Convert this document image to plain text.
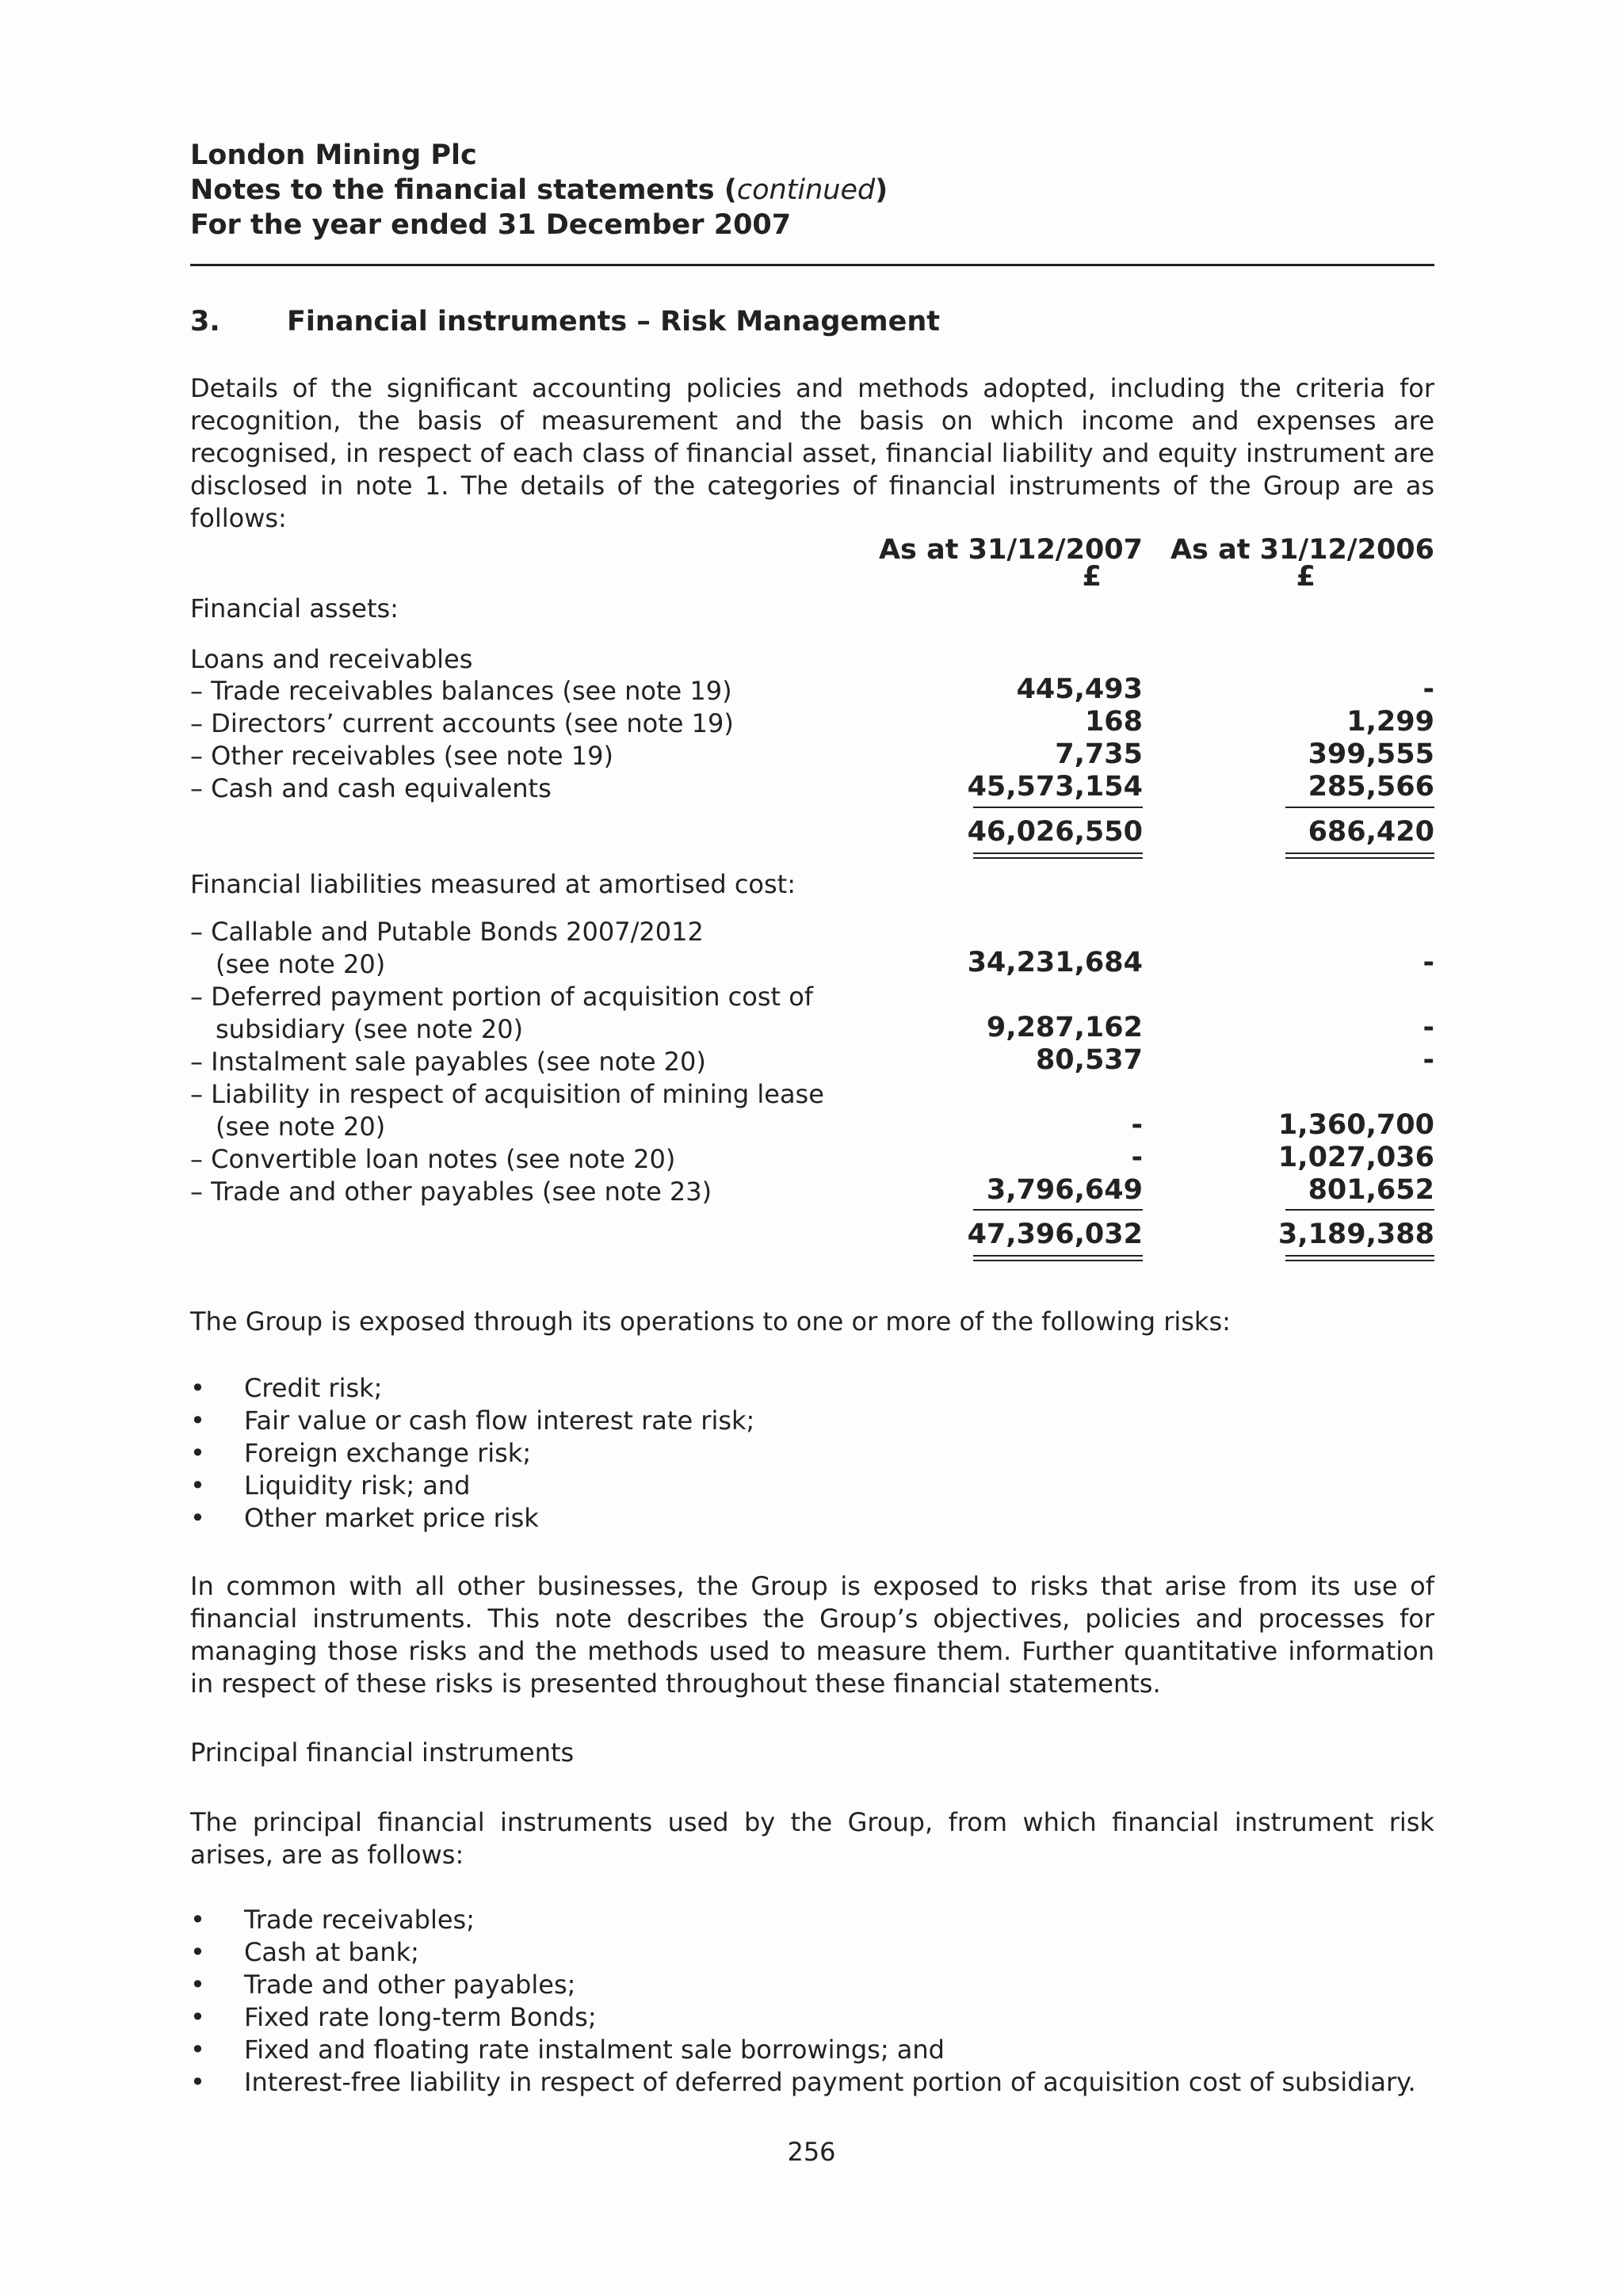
London Mining Plc
Notes to the financial statements (continued)
For the year ended 31 December 2007
3. Financial instruments – Risk Management
Details of the significant accounting policies and methods adopted, including the criteria for recognition, the basis of measurement and the basis on which income and expenses are recognised, in respect of each class of financial asset, financial liability and equity instrument are disclosed in note 1. The details of the categories of financial instruments of the Group are as follows:
As at 31/12/2007
£
As at 31/12/2006
£
Financial assets:
Loans and receivables
– Trade receivables balances (see note 19)	445,493	-
– Directors’ current accounts (see note 19)	168	1,299
– Other receivables (see note 19)	7,735	399,555
– Cash and cash equivalents	45,573,154	285,566
46,026,550	686,420
Financial liabilities measured at amortised cost:
– Callable and Putable Bonds 2007/2012
(see note 20)	34,231,684	-
– Deferred payment portion of acquisition cost of
subsidiary (see note 20)	9,287,162	-
– Instalment sale payables (see note 20)	80,537	-
– Liability in respect of acquisition of mining lease
(see note 20)	-	1,360,700
– Convertible loan notes (see note 20)	-	1,027,036
– Trade and other payables (see note 23)	3,796,649	801,652
47,396,032	3,189,388
The Group is exposed through its operations to one or more of the following risks:
• Credit risk;
• Fair value or cash flow interest rate risk;
• Foreign exchange risk;
• Liquidity risk; and
• Other market price risk
In common with all other businesses, the Group is exposed to risks that arise from its use of financial instruments. This note describes the Group’s objectives, policies and processes for managing those risks and the methods used to measure them. Further quantitative information in respect of these risks is presented throughout these financial statements.
Principal financial instruments
The principal financial instruments used by the Group, from which financial instrument risk arises, are as follows:
• Trade receivables;
• Cash at bank;
• Trade and other payables;
• Fixed rate long-term Bonds;
• Fixed and floating rate instalment sale borrowings; and
• Interest-free liability in respect of deferred payment portion of acquisition cost of subsidiary.
256
